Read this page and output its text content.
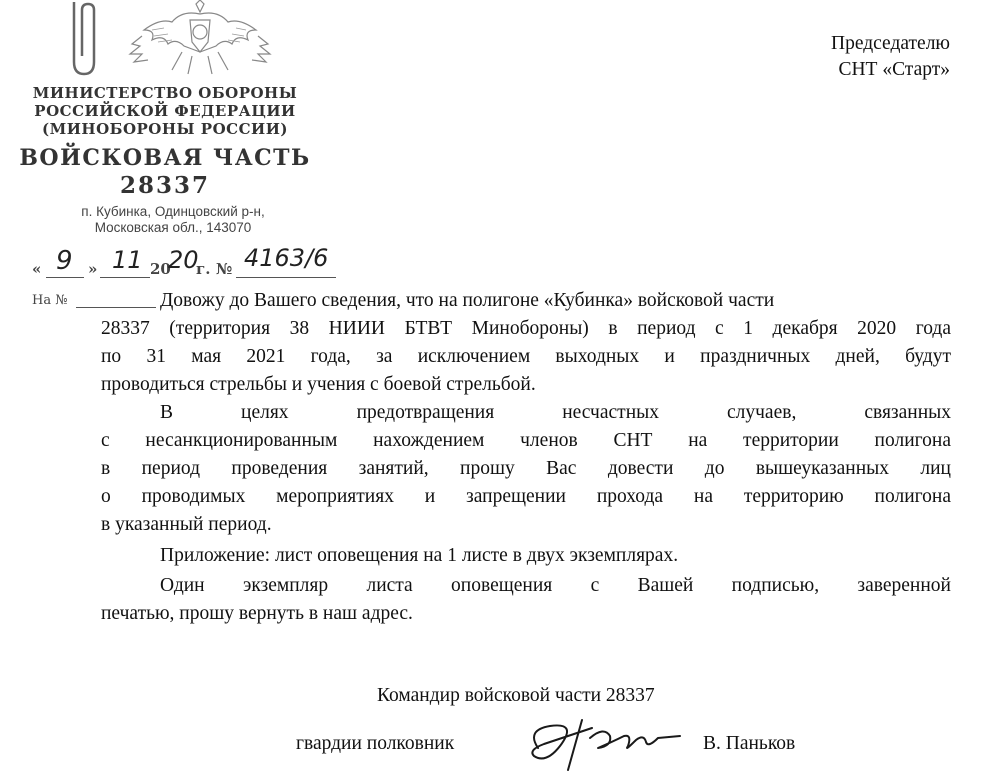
МИНИСТЕРСТВО ОБОРОНЫ
РОССИЙСКОЙ ФЕДЕРАЦИИ
(МИНОБОРОНЫ РОССИИ)
ВОЙСКОВАЯ ЧАСТЬ
28337
п. Кубинка, Одинцовский р-н,
Московская обл., 143070
« 9 » 11 20
20
г. № 4163/6
На №
Председателю
СНТ «Старт»
Довожу до Вашего сведения, что на полигоне «Кубинка» войсковой части
28337 (территория 38 НИИИ БТВТ Минобороны) в период с 1 декабря 2020 года
по 31 мая 2021 года, за исключением выходных и праздничных дней, будут
проводиться стрельбы и учения с боевой стрельбой.
В целях предотвращения несчастных случаев, связанных
с несанкционированным нахождением членов СНТ на территории полигона
в период проведения занятий, прошу Вас довести до вышеуказанных лиц
о проводимых мероприятиях и запрещении прохода на территорию полигона
в указанный период.
Приложение: лист оповещения на 1 листе в двух экземплярах.
Один экземпляр листа оповещения с Вашей подписью, заверенной
печатью, прошу вернуть в наш адрес.
Командир войсковой части 28337
гвардии полковник	В. Паньков
